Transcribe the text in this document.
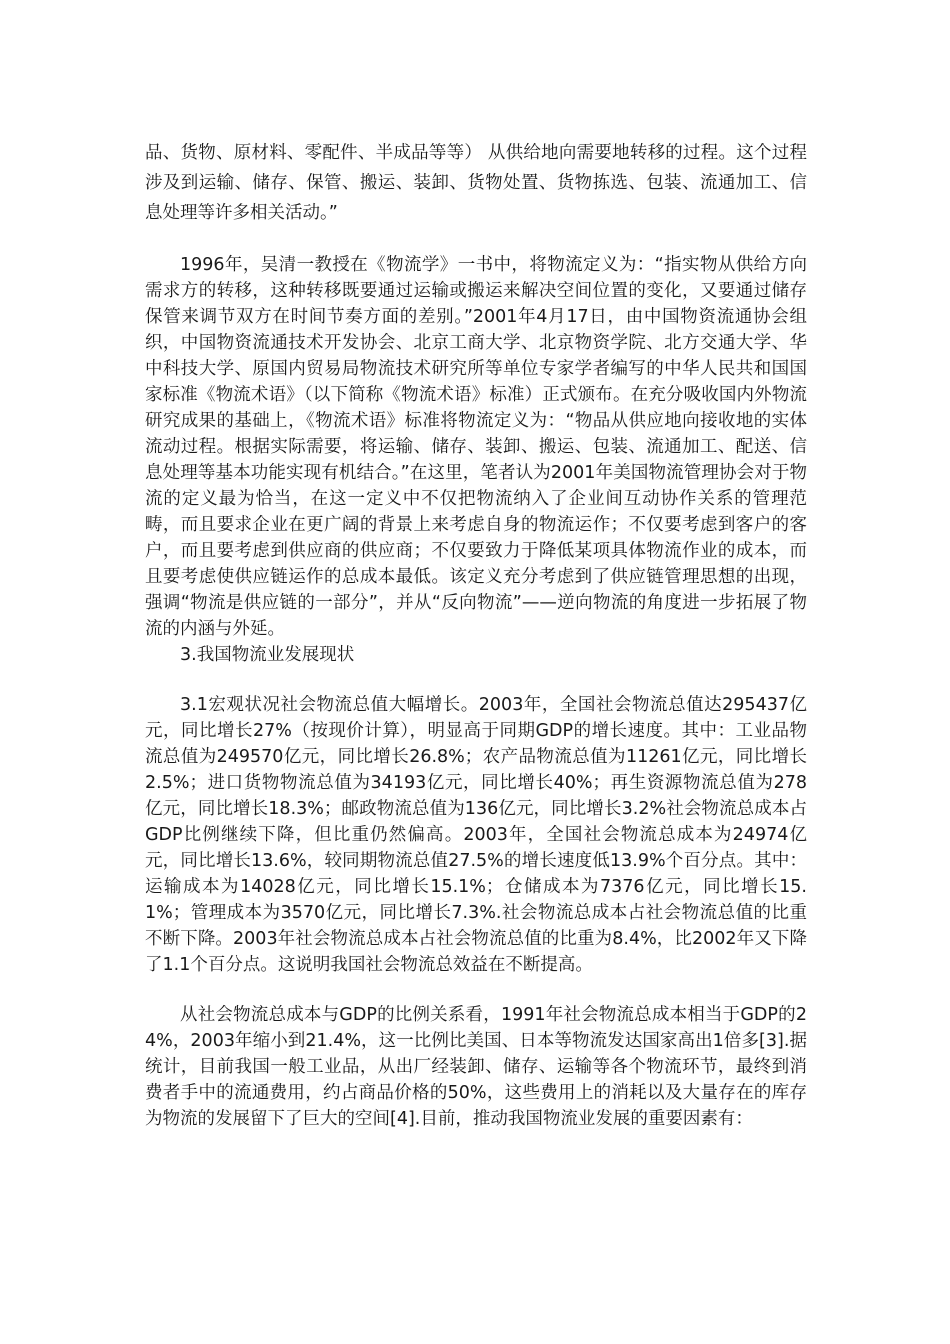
品、货物、原材料、零配件、半成品等等） 从供给地向需要地转移的过程。这个过程涉及到运输、储存、保管、搬运、装卸、货物处置、货物拣选、包装、流通加工、信息处理等许多相关活动。”

1996年，吴清一教授在《物流学》一书中，将物流定义为：“指实物从供给方向需求方的转移，这种转移既要通过运输或搬运来解决空间位置的变化，又要通过储存保管来调节双方在时间节奏方面的差别。”2001年4月17日，由中国物资流通协会组织，中国物资流通技术开发协会、北京工商大学、北京物资学院、北方交通大学、华中科技大学、原国内贸易局物流技术研究所等单位专家学者编写的中华人民共和国国家标准《物流术语》（以下简称《物流术语》标准）正式颁布。在充分吸收国内外物流研究成果的基础上，《物流术语》标准将物流定义为：“物品从供应地向接收地的实体流动过程。根据实际需要，将运输、储存、装卸、搬运、包装、流通加工、配送、信息处理等基本功能实现有机结合。”在这里，笔者认为2001年美国物流管理协会对于物流的定义最为恰当，在这一定义中不仅把物流纳入了企业间互动协作关系的管理范畴，而且要求企业在更广阔的背景上来考虑自身的物流运作；不仅要考虑到客户的客户，而且要考虑到供应商的供应商；不仅要致力于降低某项具体物流作业的成本，而且要考虑使供应链运作的总成本最低。该定义充分考虑到了供应链管理思想的出现，强调“物流是供应链的一部分”，并从“反向物流”——逆向物流的角度进一步拓展了物流的内涵与外延。

3.我国物流业发展现状

3.1宏观状况社会物流总值大幅增长。2003年，全国社会物流总值达295437亿元，同比增长27%（按现价计算），明显高于同期GDP的增长速度。其中：工业品物流总值为249570亿元，同比增长26.8%；农产品物流总值为11261亿元，同比增长2.5%；进口货物物流总值为34193亿元，同比增长40%；再生资源物流总值为278亿元，同比增长18.3%；邮政物流总值为136亿元，同比增长3.2%社会物流总成本占GDP比例继续下降，但比重仍然偏高。2003年，全国社会物流总成本为24974亿元，同比增长13.6%，较同期物流总值27.5%的增长速度低13.9%个百分点。其中：运输成本为14028亿元，同比增长15.1%；仓储成本为7376亿元，同比增长15.1%；管理成本为3570亿元，同比增长7.3%.社会物流总成本占社会物流总值的比重不断下降。2003年社会物流总成本占社会物流总值的比重为8.4%，比2002年又下降了1.1个百分点。这说明我国社会物流总效益在不断提高。

从社会物流总成本与GDP的比例关系看，1991年社会物流总成本相当于GDP的24%，2003年缩小到21.4%，这一比例比美国、日本等物流发达国家高出1倍多[3].据统计，目前我国一般工业品，从出厂经装卸、储存、运输等各个物流环节，最终到消费者手中的流通费用，约占商品价格的50%，这些费用上的消耗以及大量存在的库存为物流的发展留下了巨大的空间[4].目前，推动我国物流业发展的重要因素有：
